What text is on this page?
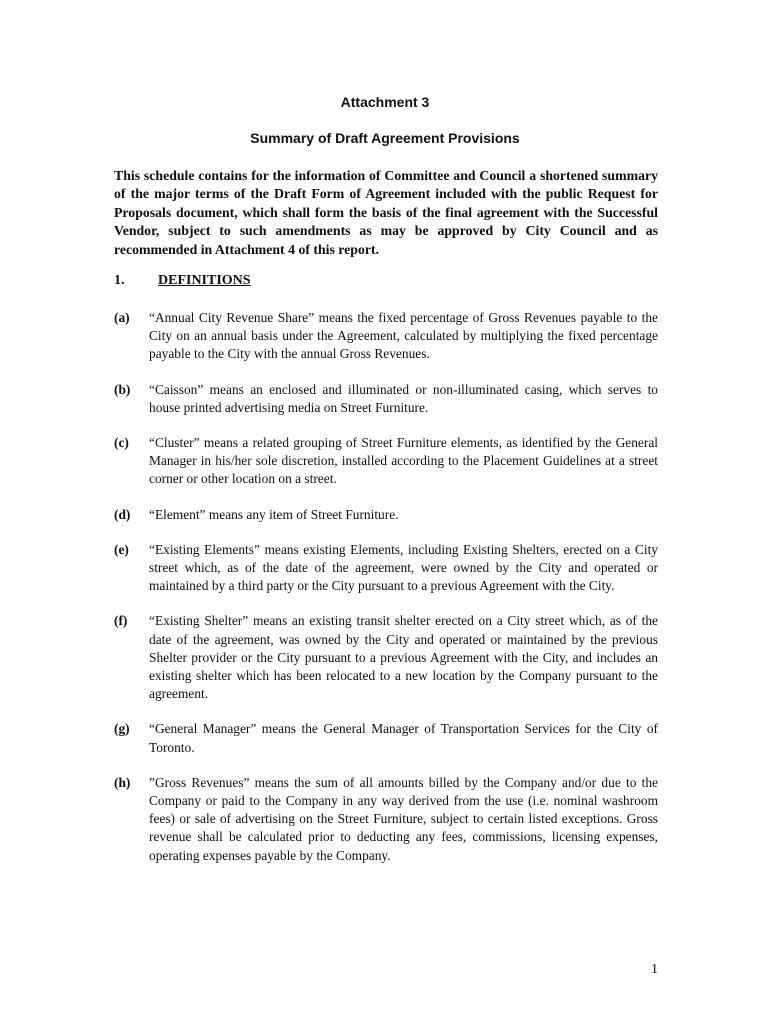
Attachment 3
Summary of Draft Agreement Provisions
This schedule contains for the information of Committee and Council a shortened summary of the major terms of the Draft Form of Agreement included with the public Request for Proposals document, which shall form the basis of the final agreement with the Successful Vendor, subject to such amendments as may be approved by City Council and as recommended in Attachment 4 of this report.
1. DEFINITIONS
(a)	“Annual City Revenue Share” means the fixed percentage of Gross Revenues payable to the City on an annual basis under the Agreement, calculated by multiplying the fixed percentage payable to the City with the annual Gross Revenues.
(b)	“Caisson” means an enclosed and illuminated or non-illuminated casing, which serves to house printed advertising media on Street Furniture.
(c)	“Cluster” means a related grouping of Street Furniture elements, as identified by the General Manager in his/her sole discretion, installed according to the Placement Guidelines at a street corner or other location on a street.
(d)	“Element” means any item of Street Furniture.
(e)	“Existing Elements” means existing Elements, including Existing Shelters, erected on a City street which, as of the date of the agreement, were owned by the City and operated or maintained by a third party or the City pursuant to a previous Agreement with the City.
(f)	“Existing Shelter” means an existing transit shelter erected on a City street which, as of the date of the agreement, was owned by the City and operated or maintained by the previous Shelter provider or the City pursuant to a previous Agreement with the City, and includes an existing shelter which has been relocated to a new location by the Company pursuant to the agreement.
(g)	“General Manager” means the General Manager of Transportation Services for the City of Toronto.
(h)	”Gross Revenues” means the sum of all amounts billed by the Company and/or due to the Company or paid to the Company in any way derived from the use (i.e. nominal washroom fees) or sale of advertising on the Street Furniture, subject to certain listed exceptions. Gross revenue shall be calculated prior to deducting any fees, commissions, licensing expenses, operating expenses payable by the Company.
1
